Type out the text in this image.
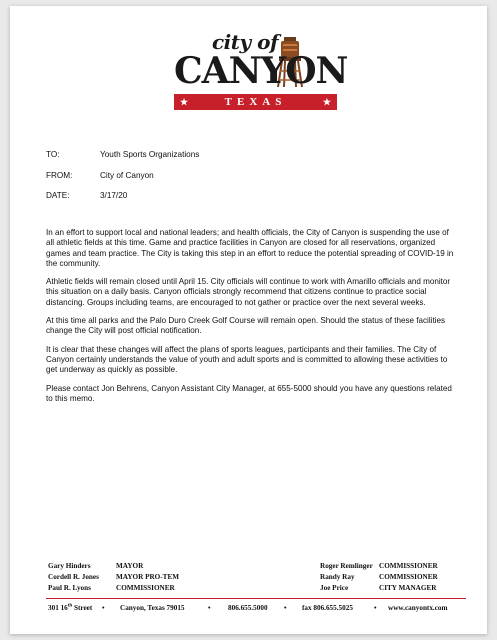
city of
CANYON
★	TEXAS	★
TO:	Youth Sports Organizations
FROM:	City of Canyon
DATE:	3/17/20

In an effort to support local and national leaders; and health officials, the City of Canyon is suspending the use of all athletic fields at this time. Game and practice facilities in Canyon are closed for all reservations, organized games and team practice. The City is taking this step in an effort to reduce the potential spreading of COVID-19 in the community.

Athletic fields will remain closed until April 15. City officials will continue to work with Amarillo officials and monitor this situation on a daily basis. Canyon officials strongly recommend that citizens continue to practice social distancing. Groups including teams, are encouraged to not gather or practice over the next several weeks.

At this time all parks and the Palo Duro Creek Golf Course will remain open. Should the status of these facilities change the City will post official notification.

It is clear that these changes will affect the plans of sports leagues, participants and their families. The City of Canyon certainly understands the value of youth and adult sports and is committed to allowing these activities to get underway as quickly as possible.

Please contact Jon Behrens, Canyon Assistant City Manager, at 655-5000 should you have any questions related to this memo.

Gary Hinders	MAYOR	Roger Remlinger COMMISSIONER
Cordell R. Jones MAYOR PRO-TEM	Randy Ray	COMMISSIONER
Paul R. Lyons	COMMISSIONER	Joe Price	CITY MANAGER
301 16th Street • Canyon, Texas 79015	• 806.655.5000 • fax 806.655.5025	• www.canyontx.com
